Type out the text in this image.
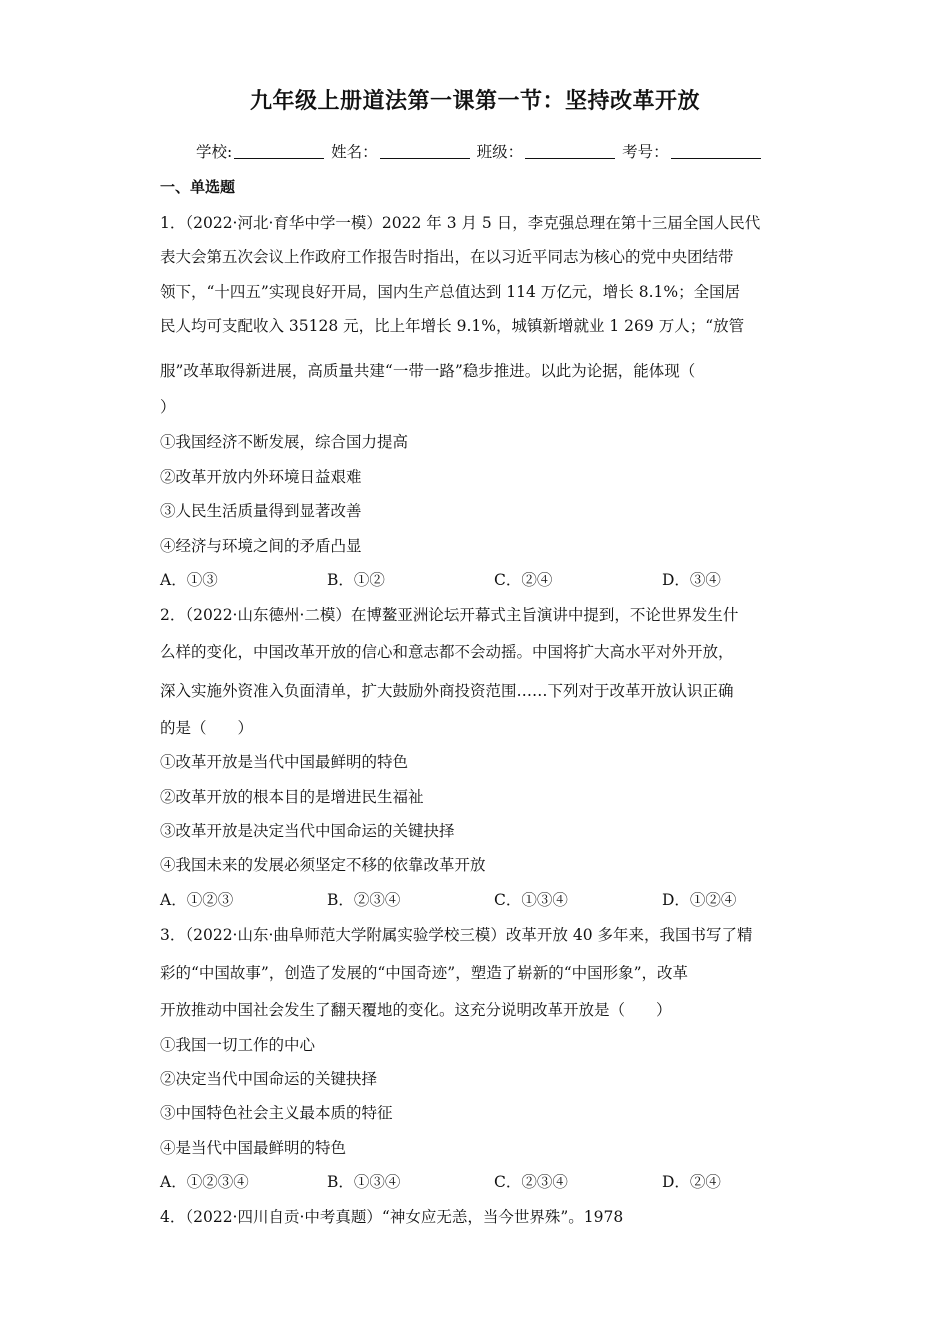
九年级上册道法第一课第一节：坚持改革开放
学校:	姓名：	班级：	考号：
一、单选题
1．（2022·河北·育华中学一模）2022 年 3 月 5 日，李克强总理在第十三届全国人民代
表大会第五次会议上作政府工作报告时指出，在以习近平同志为核心的党中央团结带
领下，“十四五”实现良好开局，国内生产总值达到 114 万亿元，增长 8.1%；全国居
民人均可支配收入 35128 元，比上年增长 9.1%，城镇新增就业 1 269 万人；“放管
服”改革取得新进展，高质量共建“一带一路”稳步推进。以此为论据，能体现（
）
①我国经济不断发展，综合国力提高
②改革开放内外环境日益艰难
③人民生活质量得到显著改善
④经济与环境之间的矛盾凸显
A．①③	B．①②	C．②④	D．③④
2．（2022·山东德州·二模）在博鳌亚洲论坛开幕式主旨演讲中提到，不论世界发生什
么样的变化，中国改革开放的信心和意志都不会动摇。中国将扩大高水平对外开放，
深入实施外资准入负面清单，扩大鼓励外商投资范围……下列对于改革开放认识正确
的是（　　）
①改革开放是当代中国最鲜明的特色
②改革开放的根本目的是增进民生福祉
③改革开放是决定当代中国命运的关键抉择
④我国未来的发展必须坚定不移的依靠改革开放
A．①②③	B．②③④	C．①③④	D．①②④
3．（2022·山东·曲阜师范大学附属实验学校三模）改革开放 40 多年来，我国书写了精
彩的“中国故事”，创造了发展的“中国奇迹”，塑造了崭新的“中国形象”，改革
开放推动中国社会发生了翻天覆地的变化。这充分说明改革开放是（　　）
①我国一切工作的中心
②决定当代中国命运的关键抉择
③中国特色社会主义最本质的特征
④是当代中国最鲜明的特色
A．①②③④	B．①③④	C．②③④	D．②④
4．（2022·四川自贡·中考真题）“神女应无恙，当今世界殊”。1978
